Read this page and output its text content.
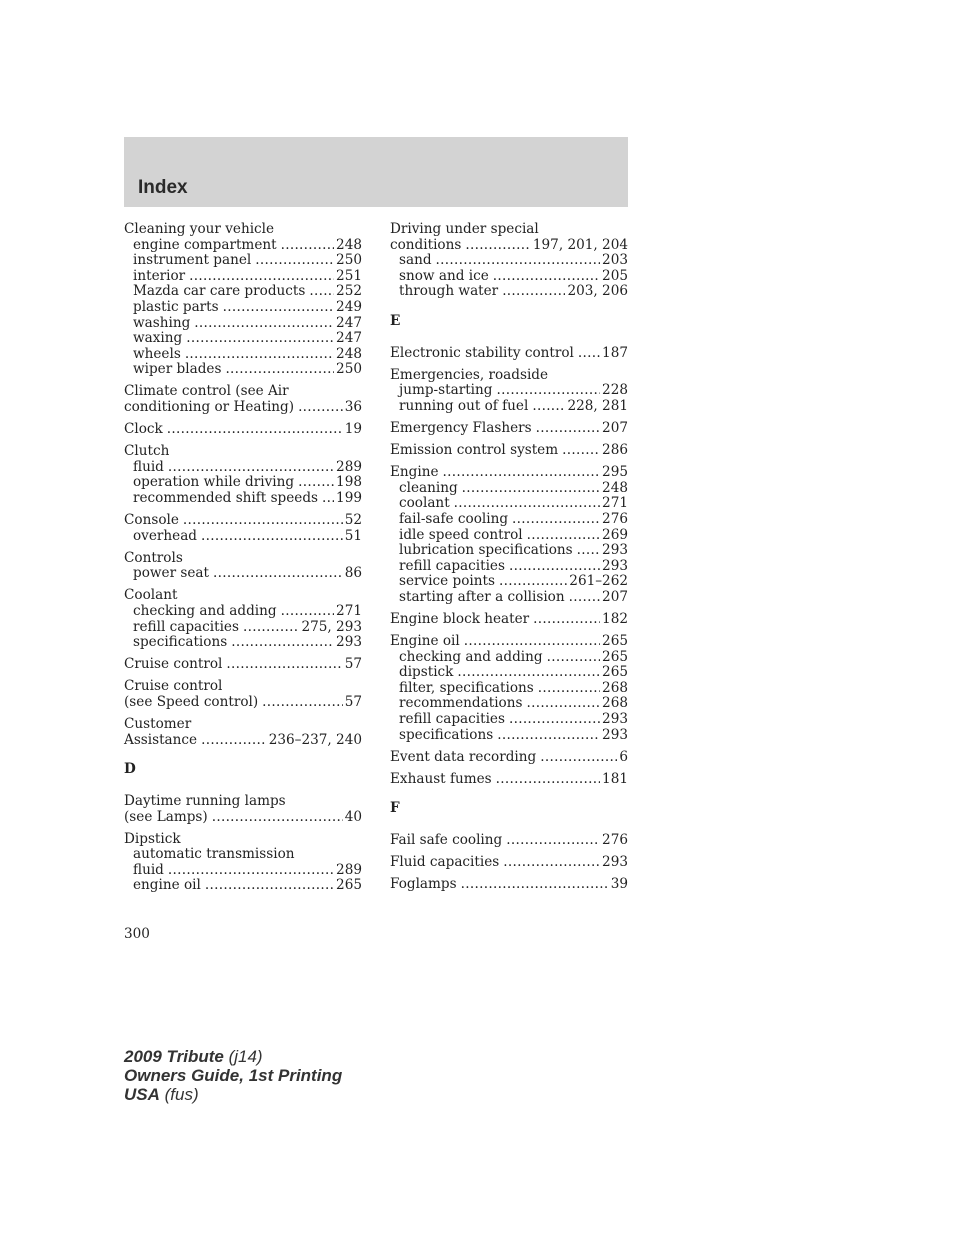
Index
Cleaning your vehicle
engine compartment .....	248
instrument panel .....	250
interior .....	251
Mazda car care products ..... 252
plastic parts .....	249
washing .....	247
waxing .....	247
wheels .....	248
wiper blades .....	250
Climate control (see Air
conditioning or Heating) .....	36
Clock .....	19
Clutch
fluid .....	289
operation while driving .....	198
recommended shift speeds ..... 199
Console .....	52
overhead .....	51
Controls
power seat .....	86
Coolant
checking and adding .....	271
refill capacities .....	275, 293
specifications .....	293
Cruise control .....	57
Cruise control
(see Speed control) .....	57
Customer
Assistance .....	236–237, 240
D
Daytime running lamps
(see Lamps) .....	40
Dipstick
automatic transmission
fluid .....	289
engine oil .....	265
Driving under special
conditions .....	197, 201, 204
sand .....	203
snow and ice .....	205
through water .....	203, 206
E
Electronic stability control ..... 187
Emergencies, roadside
jump-starting .....	228
running out of fuel .....	228, 281
Emergency Flashers .....	207
Emission control system .....	286
Engine .....	295
cleaning .....	248
coolant .....	271
fail-safe cooling .....	276
idle speed control .....	269
lubrication specifications ..... 293
refill capacities .....	293
service points .....	261–262
starting after a collision .....	207
Engine block heater .....	182
Engine oil .....	265
checking and adding .....	265
dipstick .....	265
filter, specifications .....	268
recommendations .....	268
refill capacities .....	293
specifications .....	293
Event data recording .....	6
Exhaust fumes .....	181
F
Fail safe cooling .....	276
Fluid capacities .....	293
Foglamps .....	39
300
2009 Tribute (j14)
Owners Guide, 1st Printing
USA (fus)
